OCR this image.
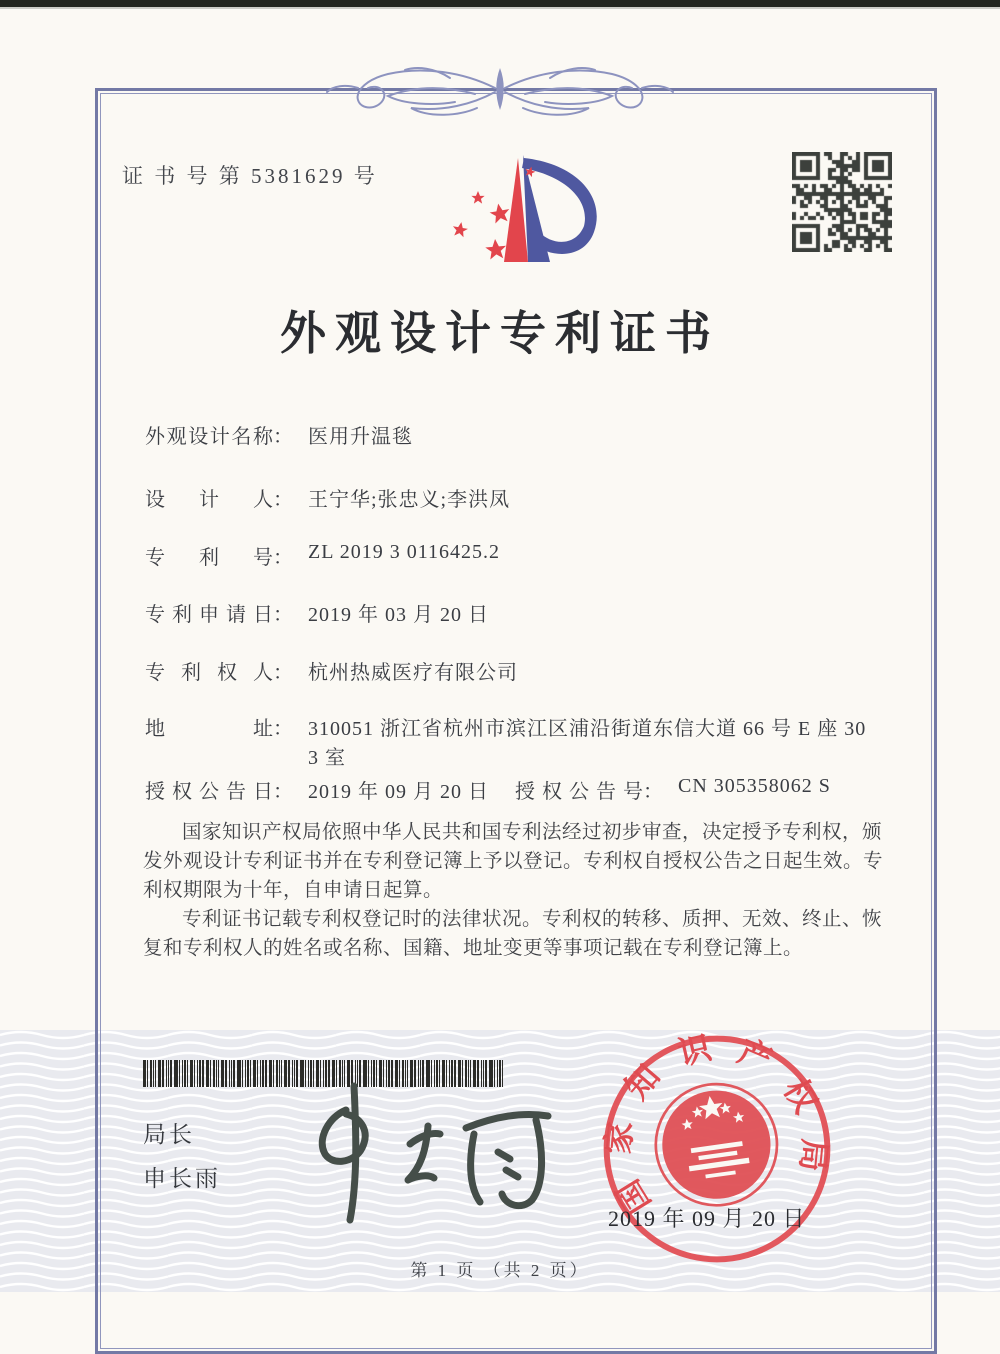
证 书 号 第 5381629 号
外观设计专利证书
外观设计名称： 医用升温毯
设计人： 王宁华;张忠义;李洪凤
专利号： ZL 2019 3 0116425.2
专利申请日： 2019 年 03 月 20 日
专利权人： 杭州热威医疗有限公司
地址： 310051 浙江省杭州市滨江区浦沿街道东信大道 66 号 E 座 30
3 室
授权公告日： 2019 年 09 月 20 日 授权公告号： CN 305358062 S

国家知识产权局依照中华人民共和国专利法经过初步审查，决定授予专利权，颁发外观设计专利证书并在专利登记簿上予以登记。专利权自授权公告之日起生效。专利权期限为十年，自申请日起算。

专利证书记载专利权登记时的法律状况。专利权的转移、质押、无效、终止、恢复和专利权人的姓名或名称、国籍、地址变更等事项记载在专利登记簿上。

局长
申长雨	国家知识产权局
2019 年 09 月 20 日
第 1 页 （共 2 页）
